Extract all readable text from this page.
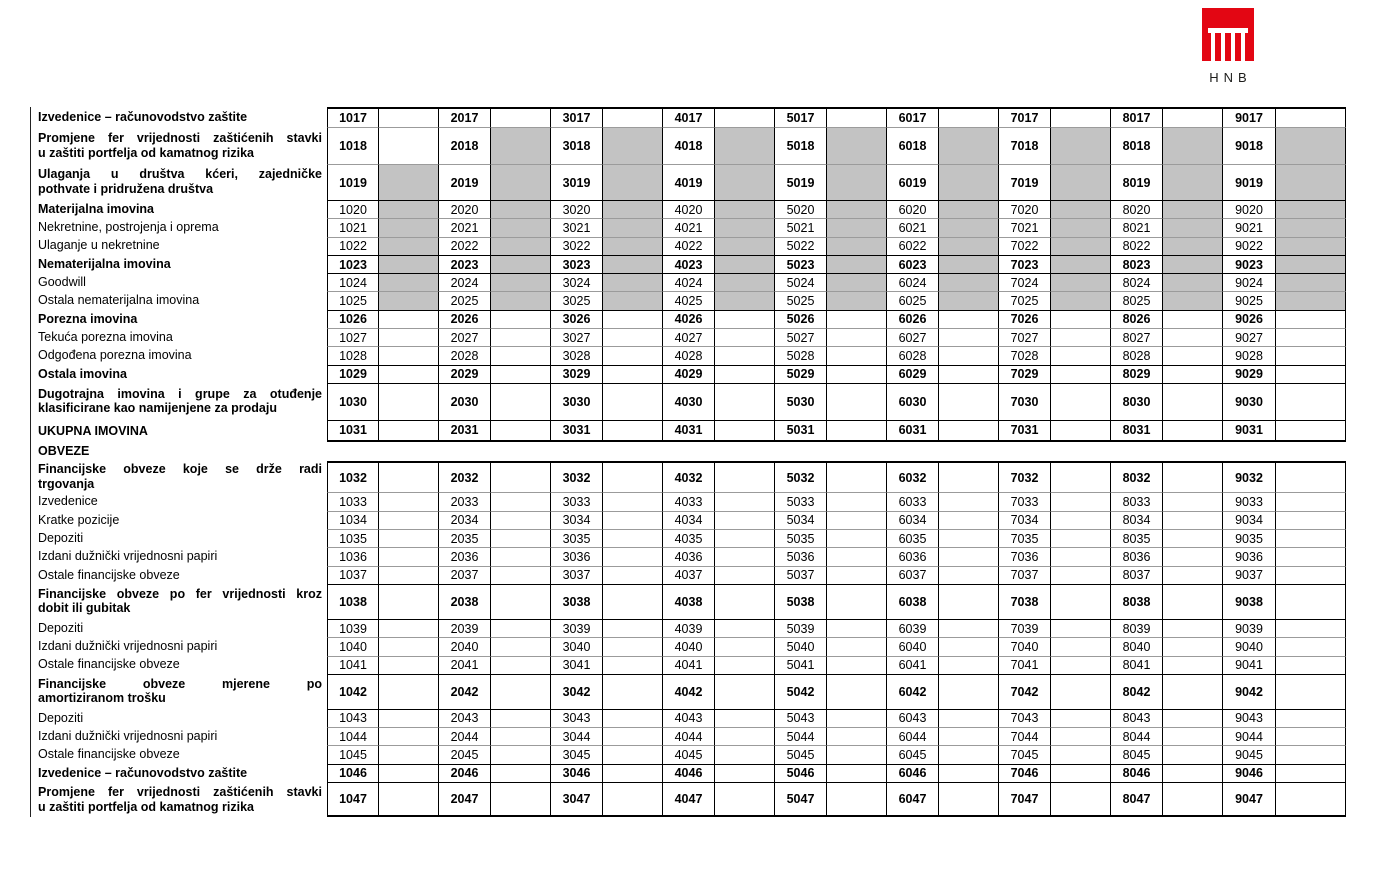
HNB
Izvedenice – računovodstvo zaštite	1017	2017	3017	4017	5017	6017	7017	8017	9017
Promjene fer vrijednosti zaštićenih stavki
u zaštiti portfelja od kamatnog rizika	1018	2018	3018	4018	5018	6018	7018	8018	9018
Ulaganja u društva kćeri, zajedničke
pothvate i pridružena društva	1019	2019	3019	4019	5019	6019	7019	8019	9019
Materijalna imovina	1020	2020	3020	4020	5020	6020	7020	8020	9020
Nekretnine, postrojenja i oprema	1021	2021	3021	4021	5021	6021	7021	8021	9021
Ulaganje u nekretnine	1022	2022	3022	4022	5022	6022	7022	8022	9022
Nematerijalna imovina	1023	2023	3023	4023	5023	6023	7023	8023	9023
Goodwill	1024	2024	3024	4024	5024	6024	7024	8024	9024
Ostala nematerijalna imovina	1025	2025	3025	4025	5025	6025	7025	8025	9025
Porezna imovina	1026	2026	3026	4026	5026	6026	7026	8026	9026
Tekuća porezna imovina	1027	2027	3027	4027	5027	6027	7027	8027	9027
Odgođena porezna imovina	1028	2028	3028	4028	5028	6028	7028	8028	9028
Ostala imovina	1029	2029	3029	4029	5029	6029	7029	8029	9029
Dugotrajna imovina i grupe za otuđenje
klasificirane kao namijenjene za prodaju	1030	2030	3030	4030	5030	6030	7030	8030	9030
UKUPNA IMOVINA	1031	2031	3031	4031	5031	6031	7031	8031	9031
OBVEZE
Financijske obveze koje se drže radi
trgovanja	1032	2032	3032	4032	5032	6032	7032	8032	9032
Izvedenice	1033	2033	3033	4033	5033	6033	7033	8033	9033
Kratke pozicije	1034	2034	3034	4034	5034	6034	7034	8034	9034
Depoziti	1035	2035	3035	4035	5035	6035	7035	8035	9035
Izdani dužnički vrijednosni papiri	1036	2036	3036	4036	5036	6036	7036	8036	9036
Ostale financijske obveze	1037	2037	3037	4037	5037	6037	7037	8037	9037
Financijske obveze po fer vrijednosti kroz
dobit ili gubitak	1038	2038	3038	4038	5038	6038	7038	8038	9038
Depoziti	1039	2039	3039	4039	5039	6039	7039	8039	9039
Izdani dužnički vrijednosni papiri	1040	2040	3040	4040	5040	6040	7040	8040	9040
Ostale financijske obveze	1041	2041	3041	4041	5041	6041	7041	8041	9041
Financijske obveze mjerene po
amortiziranom trošku	1042	2042	3042	4042	5042	6042	7042	8042	9042
Depoziti	1043	2043	3043	4043	5043	6043	7043	8043	9043
Izdani dužnički vrijednosni papiri	1044	2044	3044	4044	5044	6044	7044	8044	9044
Ostale financijske obveze	1045	2045	3045	4045	5045	6045	7045	8045	9045
Izvedenice – računovodstvo zaštite	1046	2046	3046	4046	5046	6046	7046	8046	9046
Promjene fer vrijednosti zaštićenih stavki
u zaštiti portfelja od kamatnog rizika
1047	2047	3047	4047	5047	6047	7047	8047	9047
